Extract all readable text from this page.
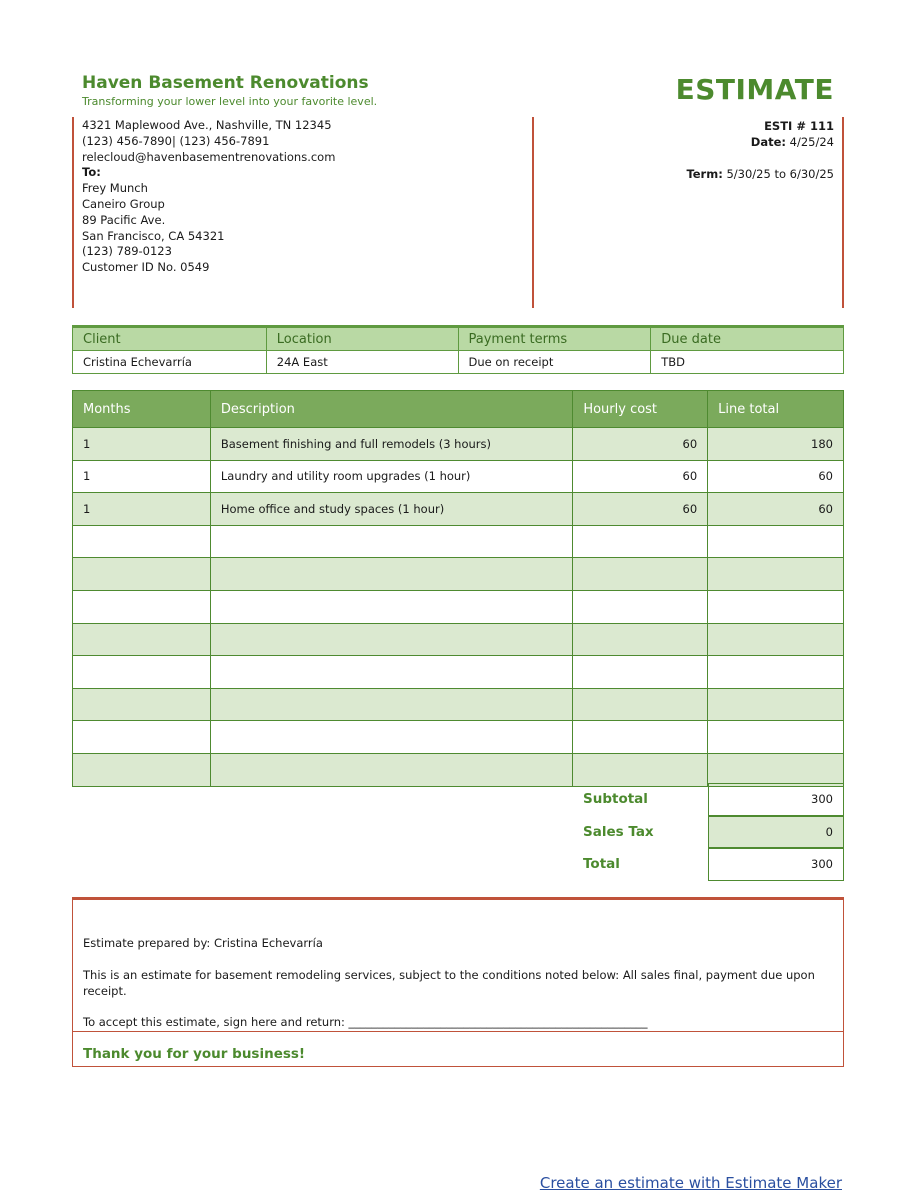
Haven Basement Renovations
Transforming your lower level into your favorite level.	ESTIMATE
4321 Maplewood Ave., Nashville, TN 12345
(123) 456-7890| (123) 456-7891
relecloud@havenbasementrenovations.com
To:
Frey Munch
Caneiro Group
89 Pacific Ave.
San Francisco, CA 54321
(123) 789-0123
Customer ID No. 0549
ESTI # 111
Date: 4/25/24
Term: 5/30/25 to 6/30/25
Client	Location	Payment terms	Due date
Cristina Echevarría	24A East	Due on receipt	TBD
Months	Description	Hourly cost	Line total
1	Basement finishing and full remodels (3 hours)	60	180
1	Laundry and utility room upgrades (1 hour)	60	60
1	Home office and study spaces (1 hour)	60	60

Subtotal	300
Sales Tax	0
Total	300
Estimate prepared by: Cristina Echevarría
This is an estimate for basement remodeling services, subject to the conditions noted below: All sales final, payment due upon receipt.
To accept this estimate, sign here and return: ____________________________________________________
Thank you for your business!
Create an estimate with Estimate Maker
